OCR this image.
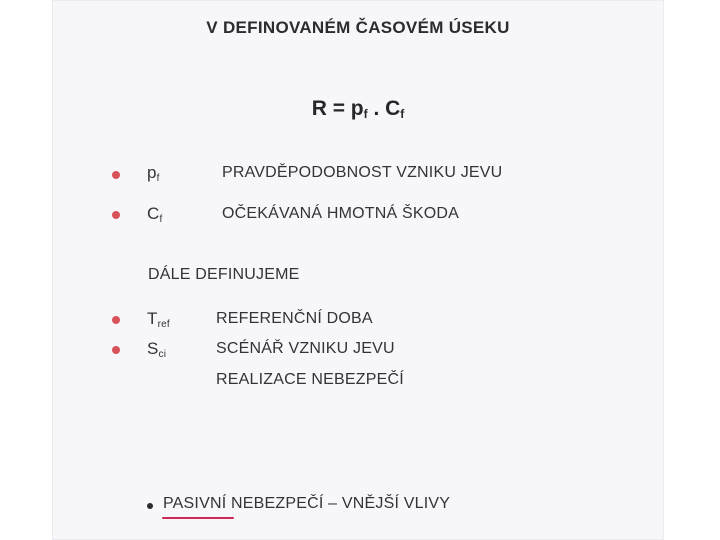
V DEFINOVANÉM ČASOVÉM ÚSEKU
$R = p_f$ . $C_f$
$p_f$	PRAVDĚPODOBNOST VZNIKU JEVU
$C_f$	OČEKÁVANÁ HMOTNÁ ŠKODA
DÁLE DEFINUJEME
$T_{ref}$	REFERENČNÍ DOBA
$S_{ci}$	SCÉNÁŘ VZNIKU JEVU
REALIZACE NEBEZPEČÍ
PASIVNÍ NEBEZPEČÍ – VNĚJŠÍ VLIVY
